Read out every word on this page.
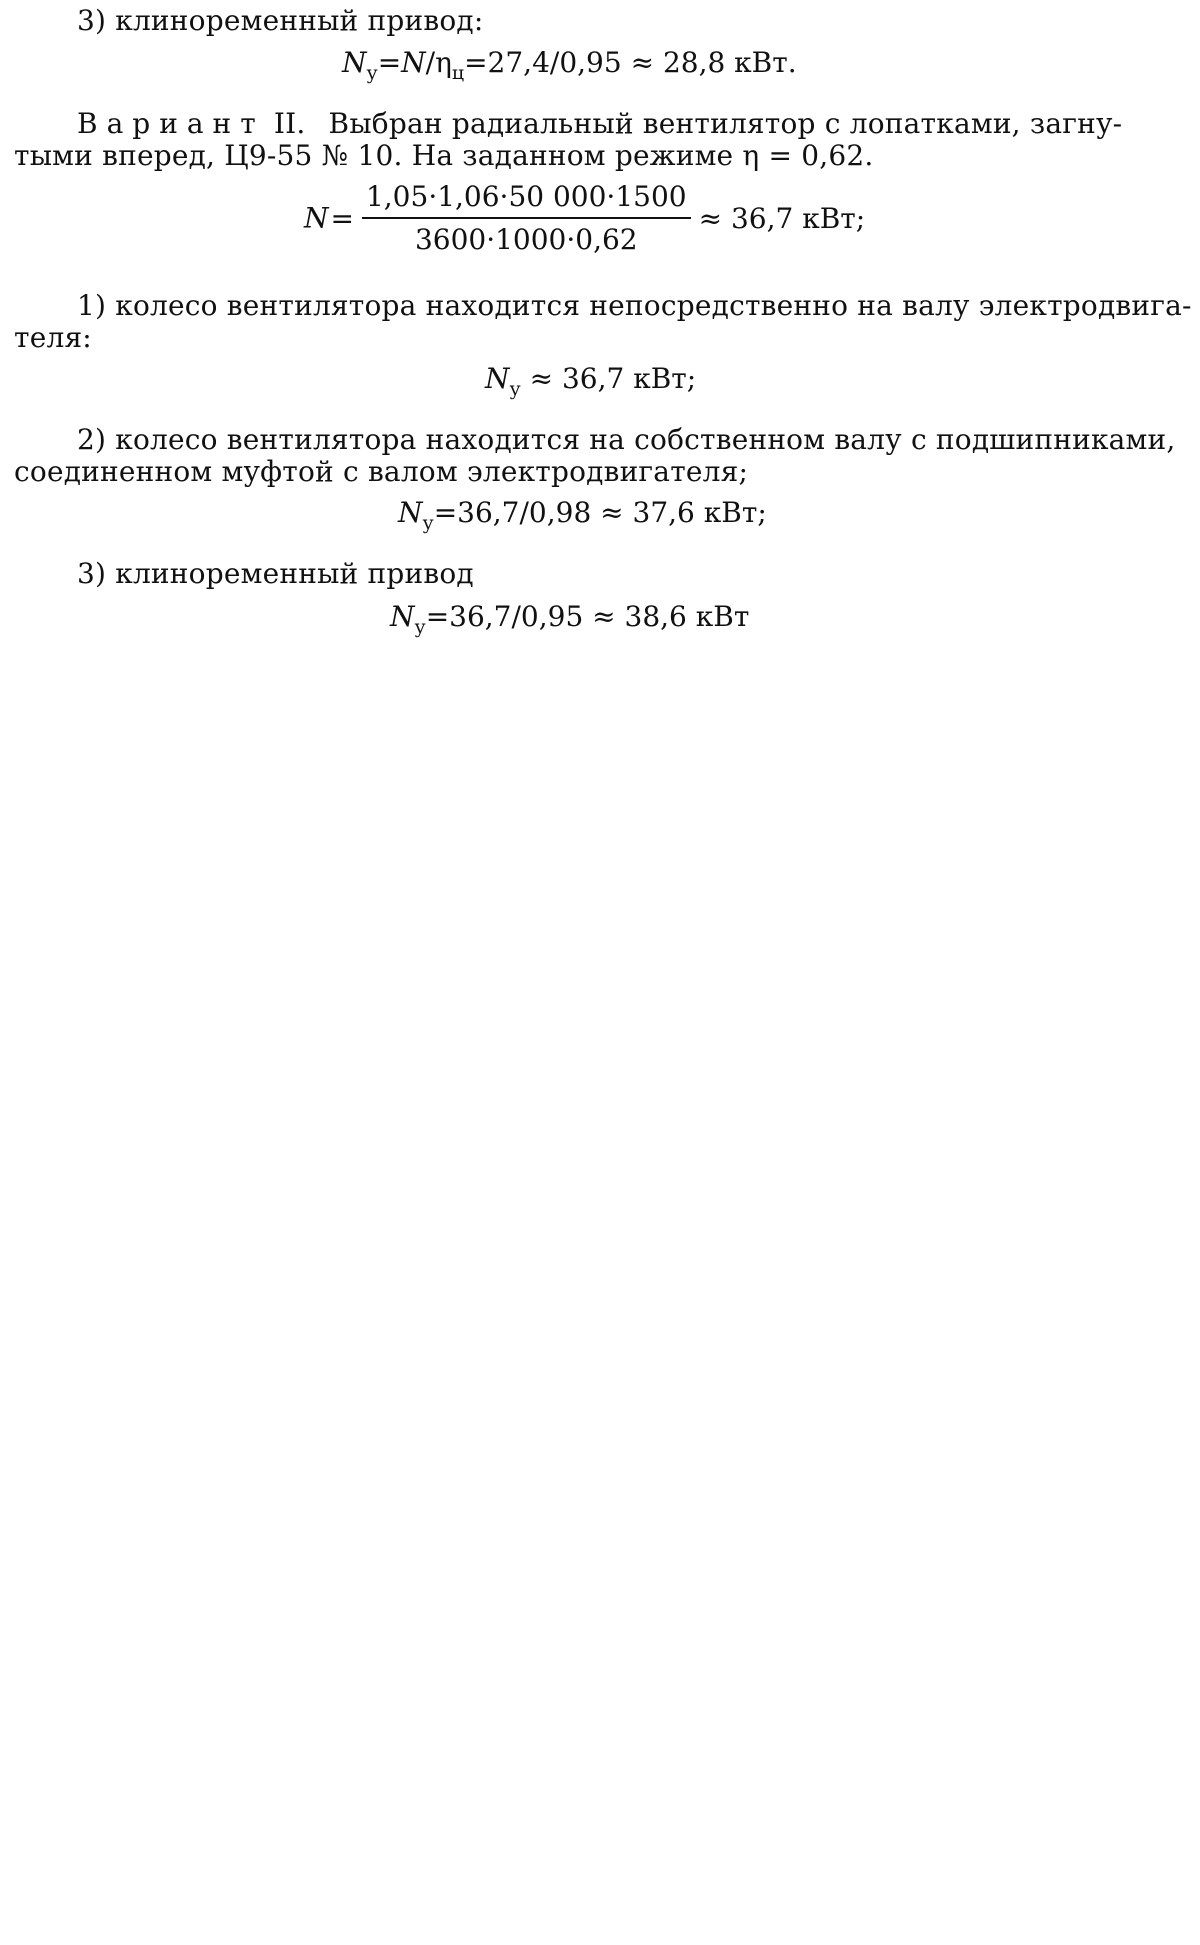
3) клиноременный привод:
$N_у=N/\eta_ц=27,4/0,95 \approx 28,8$ кВт.
Вариант II. Выбран радиальный вентилятор с лопатками, загну-
тыми вперед, Ц9-55 № 10. На заданном режиме η = 0,62.
$N= \frac{1,05\cdot 1,06\cdot 50 000\cdot 1500}{3600\cdot 1000\cdot 0,62} \approx 36,7$ кВт;
1) колесо вентилятора находится непосредственно на валу электродвига-
теля:
$N_у \approx 36,7$ кВт;
2) колесо вентилятора находится на собственном валу с подшипниками,
соединенном муфтой с валом электродвигателя;
$N_у=36,7/0,98 \approx 37,6$ кВт;
3) клиноременный привод
$N_у=36,7/0,95 \approx 38,6$ кВт
